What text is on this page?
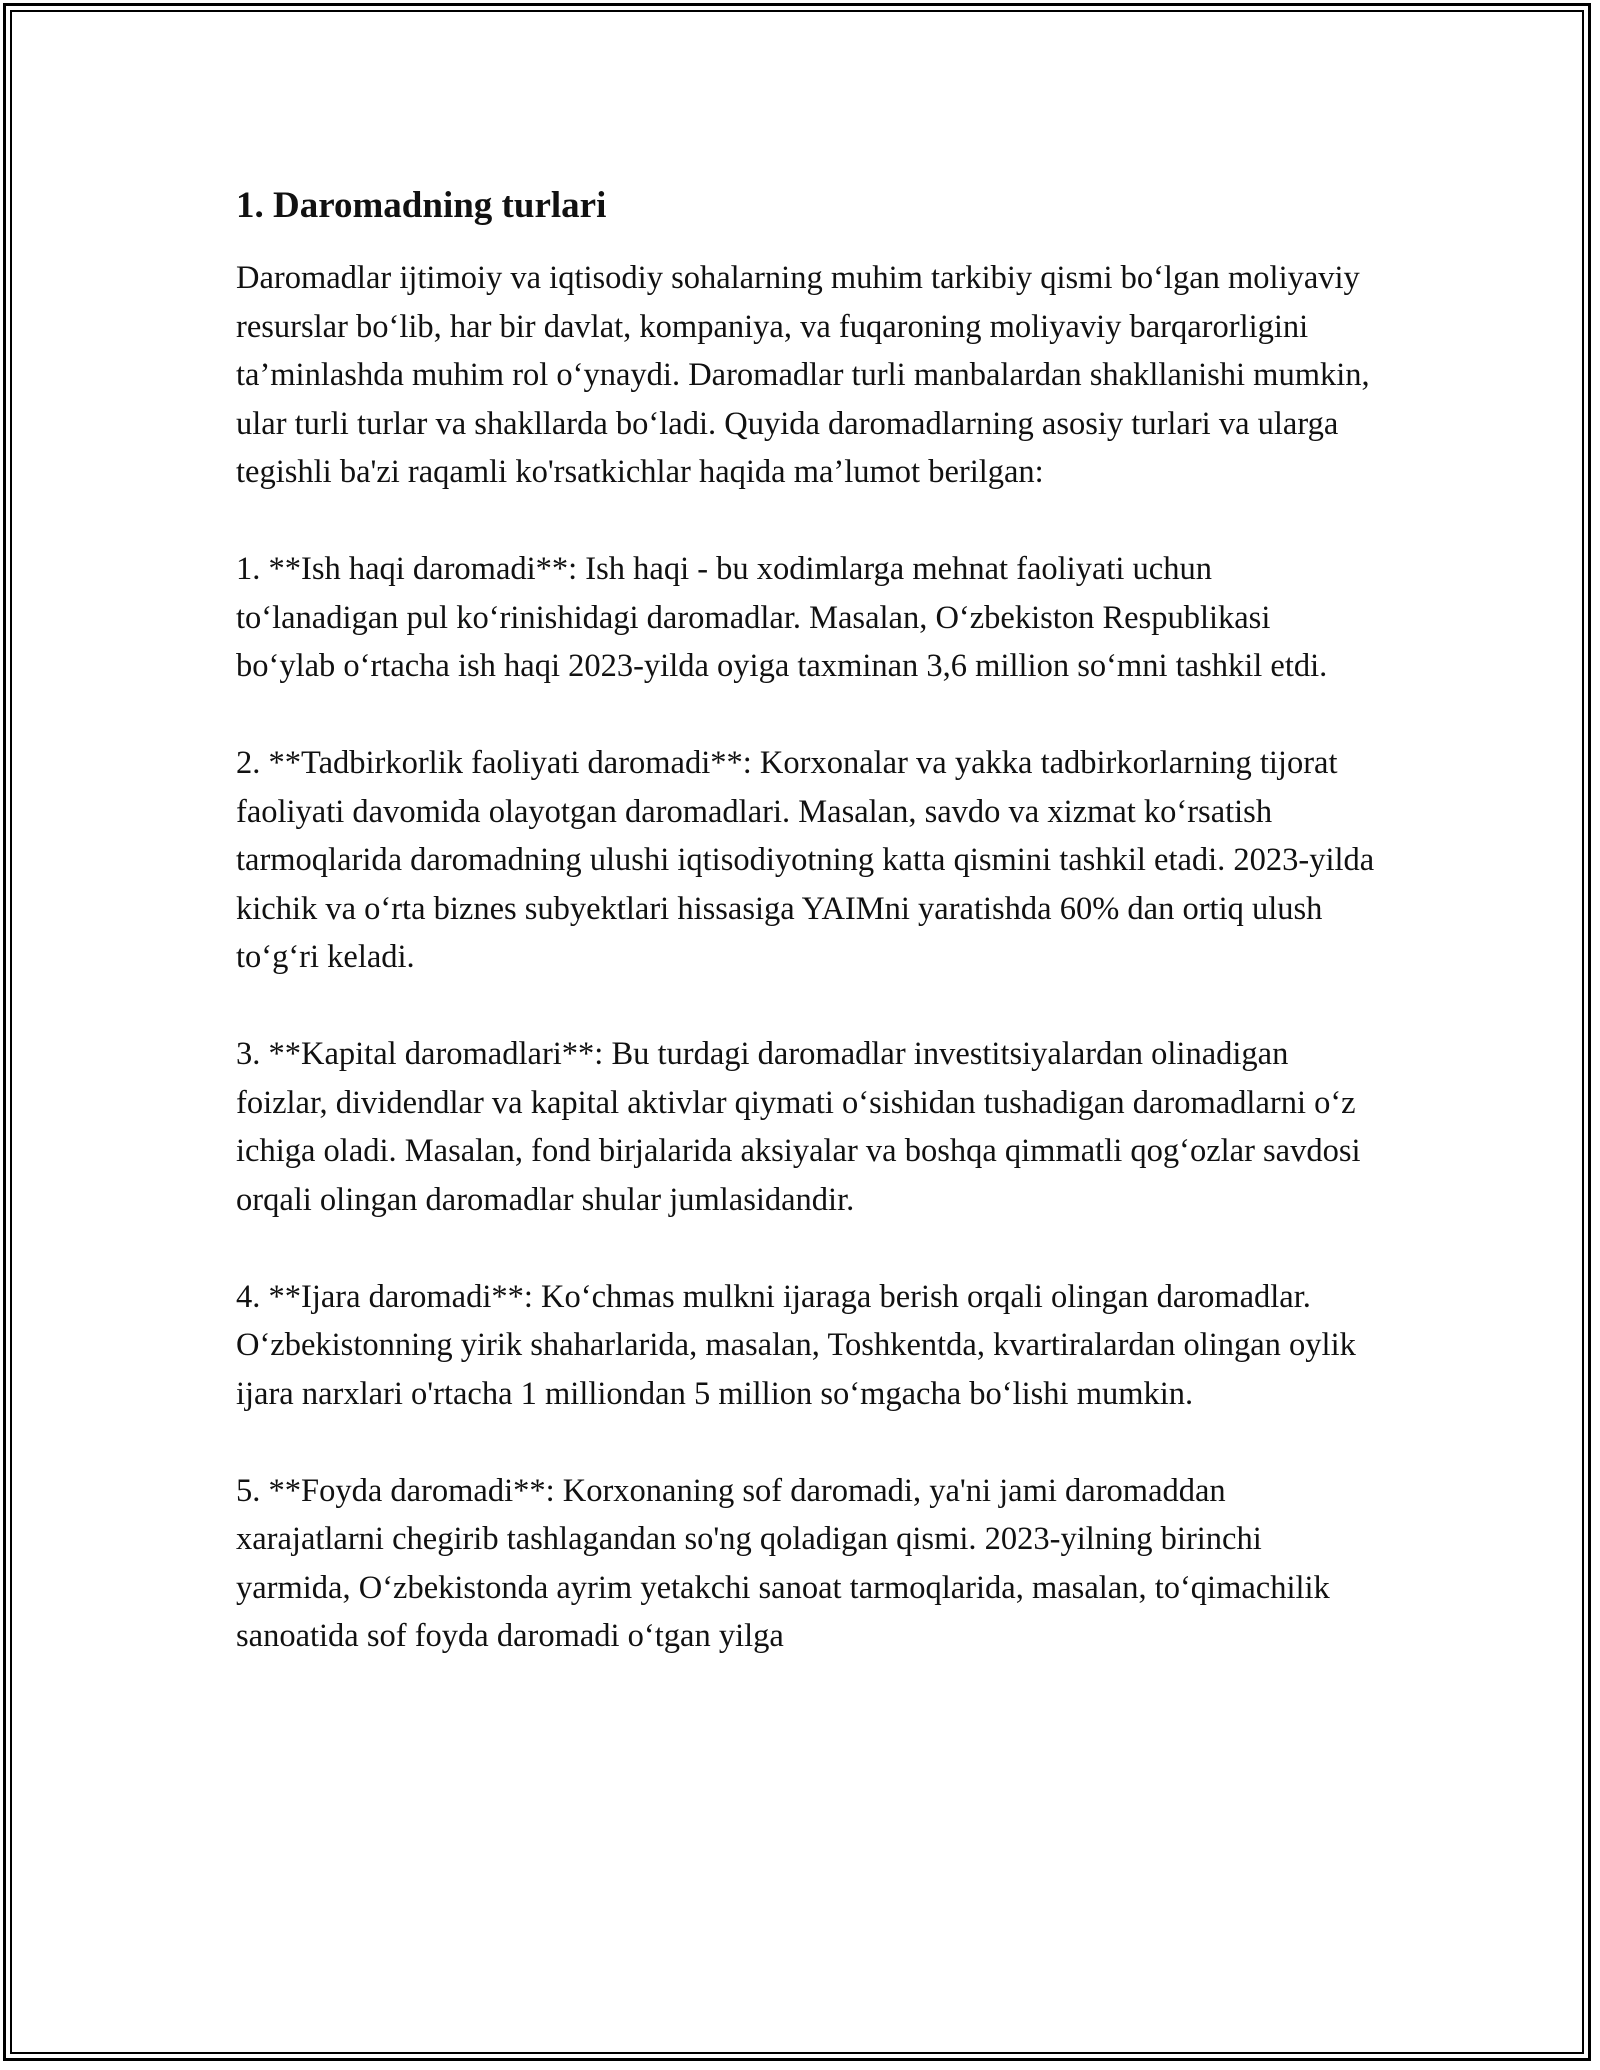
1. Daromadning turlari

Daromadlar ijtimoiy va iqtisodiy sohalarning muhim tarkibiy qismi bo‘lgan moliyaviy resurslar bo‘lib, har bir davlat, kompaniya, va fuqaroning moliyaviy barqarorligini ta’minlashda muhim rol o‘ynaydi. Daromadlar turli manbalardan shakllanishi mumkin, ular turli turlar va shakllarda bo‘ladi. Quyida daromadlarning asosiy turlari va ularga tegishli ba'zi raqamli ko'rsatkichlar haqida ma’lumot berilgan:

1. **Ish haqi daromadi**: Ish haqi - bu xodimlarga mehnat faoliyati uchun to‘lanadigan pul ko‘rinishidagi daromadlar. Masalan, O‘zbekiston Respublikasi bo‘ylab o‘rtacha ish haqi 2023-yilda oyiga taxminan 3,6 million so‘mni tashkil etdi.

2. **Tadbirkorlik faoliyati daromadi**: Korxonalar va yakka tadbirkorlarning tijorat faoliyati davomida olayotgan daromadlari. Masalan, savdo va xizmat ko‘rsatish tarmoqlarida daromadning ulushi iqtisodiyotning katta qismini tashkil etadi. 2023-yilda kichik va o‘rta biznes subyektlari hissasiga YAIMni yaratishda 60% dan ortiq ulush to‘g‘ri keladi.

3. **Kapital daromadlari**: Bu turdagi daromadlar investitsiyalardan olinadigan foizlar, dividendlar va kapital aktivlar qiymati o‘sishidan tushadigan daromadlarni o‘z ichiga oladi. Masalan, fond birjalarida aksiyalar va boshqa qimmatli qog‘ozlar savdosi orqali olingan daromadlar shular jumlasidandir.

4. **Ijara daromadi**: Ko‘chmas mulkni ijaraga berish orqali olingan daromadlar. O‘zbekistonning yirik shaharlarida, masalan, Toshkentda, kvartiralardan olingan oylik ijara narxlari o'rtacha 1 milliondan 5 million so‘mgacha bo‘lishi mumkin.

5. **Foyda daromadi**: Korxonaning sof daromadi, ya'ni jami daromaddan xarajatlarni chegirib tashlagandan so'ng qoladigan qismi. 2023-yilning birinchi yarmida, O‘zbekistonda ayrim yetakchi sanoat tarmoqlarida, masalan, to‘qimachilik sanoatida sof foyda daromadi o‘tgan yilga
